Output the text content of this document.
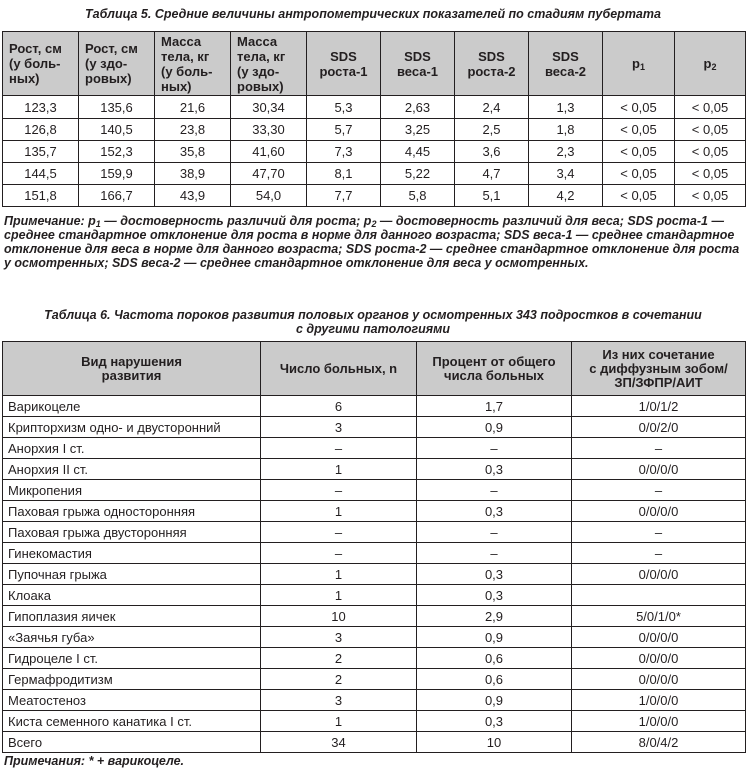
Таблица 5. Средние величины антропометрических показателей по стадиям пубертата
Рост, см
(у боль-
ных)	Рост, см
(у здо-
ровых)	Масса
тела, кг
(у боль-
ных)	Масса
тела, кг
(у здо-
ровых)	SDS
роста-1	SDS
веса-1	SDS
роста-2	SDS
веса-2	$p_1$	$p_2$
123,3	135,6	21,6	30,34	5,3	2,63	2,4	1,3	< 0,05	< 0,05
126,8	140,5	23,8	33,30	5,7	3,25	2,5	1,8	< 0,05	< 0,05
135,7	152,3	35,8	41,60	7,3	4,45	3,6	2,3	< 0,05	< 0,05
144,5	159,9	38,9	47,70	8,1	5,22	4,7	3,4	< 0,05	< 0,05
151,8	166,7	43,9	54,0	7,7	5,8	5,1	4,2	< 0,05	< 0,05
Примечание: $p_1$ — достоверность различий для роста; $p_2$ — достоверность различий для веса; SDS роста-1 — среднее стандартное отклонение для роста в норме для данного возраста; SDS веса-1 — среднее стандартное отклонение для веса в норме для данного возраста; SDS роста-2 — среднее стандартное отклонение для роста у осмотренных; SDS веса-2 — среднее стандартное отклонение для веса у осмотренных.
Таблица 6. Частота пороков развития половых органов у осмотренных 343 подростков в сочетании с другими патологиями
Вид нарушения
развития	Число больных, n	Процент от общего
числа больных	Из них сочетание
с диффузным зобом/
ЗП/ЗФПР/АИТ
Варикоцеле	6	1,7	1/0/1/2
Крипторхизм одно- и двусторонний	3	0,9	0/0/2/0
Анорхия I ст.	–	–	–
Анорхия II ст.	1	0,3	0/0/0/0
Микропения	–	–	–
Паховая грыжа односторонняя	1	0,3	0/0/0/0
Паховая грыжа двусторонняя	–	–	–
Гинекомастия	–	–	–
Пупочная грыжа	1	0,3	0/0/0/0
Клоака	1	0,3	
Гипоплазия яичек	10	2,9	5/0/1/0*
«Заячья губа»	3	0,9	0/0/0/0
Гидроцеле I ст.	2	0,6	0/0/0/0
Гермафродитизм	2	0,6	0/0/0/0
Меатостеноз	3	0,9	1/0/0/0
Киста семенного канатика I ст.	1	0,3	1/0/0/0
Всего	34	10	8/0/4/2
Примечания: * + варикоцеле.
